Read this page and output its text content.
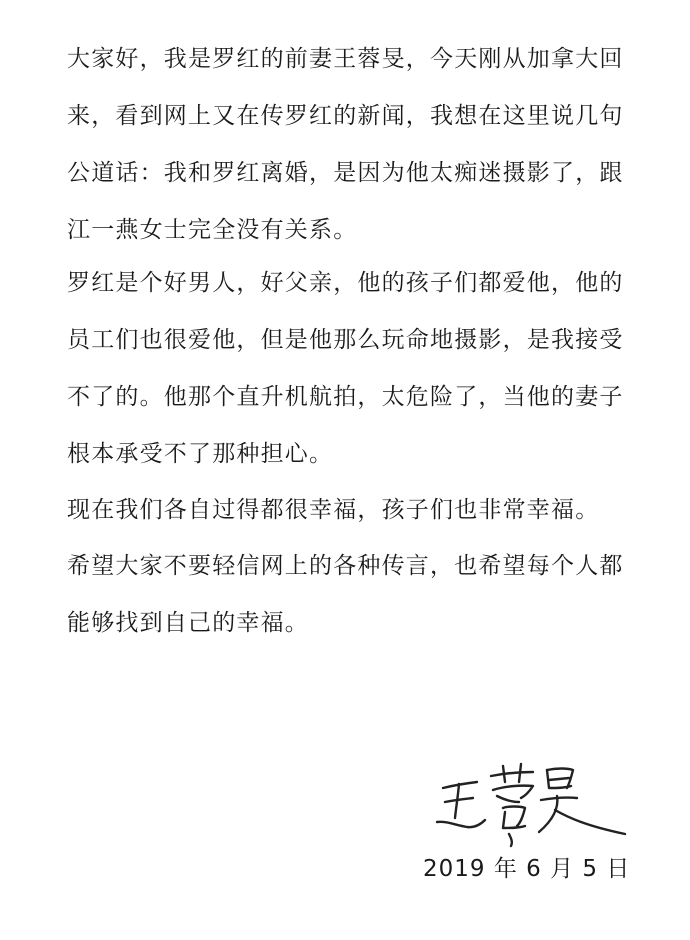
大家好，我是罗红的前妻王蓉旻，今天刚从加拿大回
来，看到网上又在传罗红的新闻，我想在这里说几句
公道话：我和罗红离婚，是因为他太痴迷摄影了，跟
江一燕女士完全没有关系。
罗红是个好男人，好父亲，他的孩子们都爱他，他的
员工们也很爱他，但是他那么玩命地摄影，是我接受
不了的。他那个直升机航拍，太危险了，当他的妻子
根本承受不了那种担心。
现在我们各自过得都很幸福，孩子们也非常幸福。
希望大家不要轻信网上的各种传言，也希望每个人都
能够找到自己的幸福。
2019 年 6 月 5 日
